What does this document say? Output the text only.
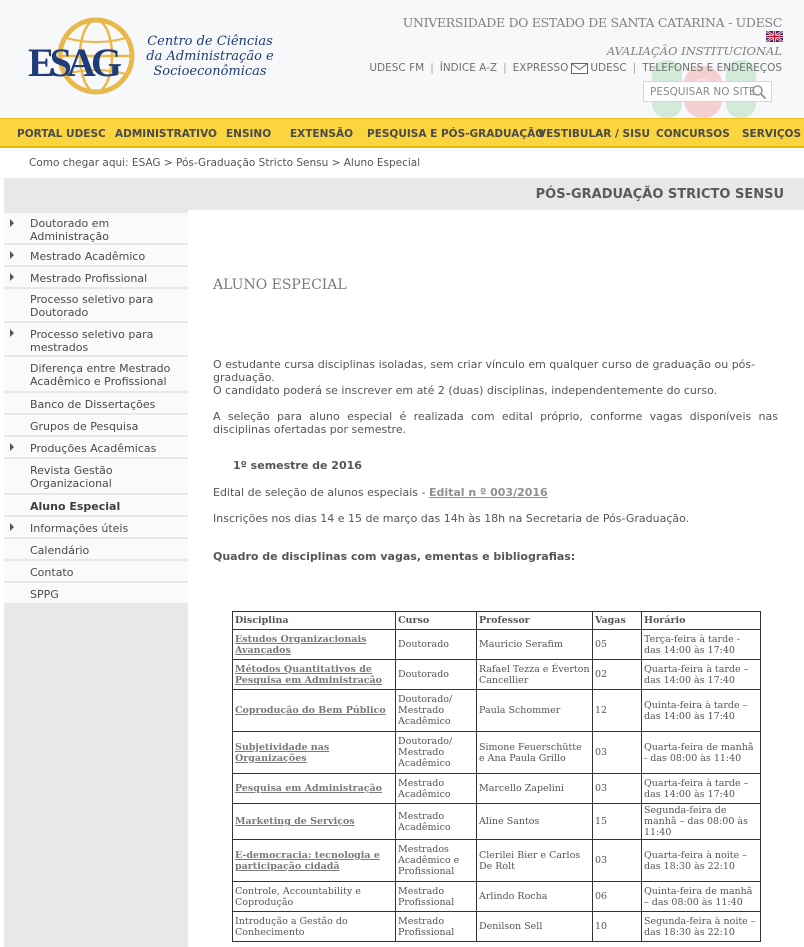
ESAG	Centro de Ciências da Administração e Socioeconômicas
UNIVERSIDADE DO ESTADO DE SANTA CATARINA - UDESC
AVALIAÇÃO INSTITUCIONAL
UDESC FM | ÍNDICE A-Z | EXPRESSO UDESC | TELEFONES E ENDEREÇOS
PESQUISAR NO SITE
PORTAL UDESC ADMINISTRATIVO ENSINO EXTENSÃO PESQUISA E PÓS-GRADUAÇÃO
VESTIBULAR / SISU CONCURSOS SERVIÇOS
Como chegar aqui: ESAG > Pós-Graduação Stricto Sensu > Aluno Especial
PÓS-GRADUAÇÃO STRICTO SENSU
Doutorado em Administração
Mestrado Acadêmico
Mestrado Profissional
Processo seletivo para Doutorado
Processo seletivo para mestrados
Diferença entre Mestrado Acadêmico e Profissional
Banco de Dissertações
Grupos de Pesquisa
Produções Acadêmicas
Revista Gestão Organizacional
Aluno Especial
Informações úteis
Calendário
Contato
SPPG
ALUNO ESPECIAL
O estudante cursa disciplinas isoladas, sem criar vínculo em qualquer curso de graduação ou pós-graduação.
O candidato poderá se inscrever em até 2 (duas) disciplinas, independentemente do curso.
A seleção para aluno especial é realizada com edital próprio, conforme vagas disponíveis nas disciplinas ofertadas por semestre.
1º semestre de 2016
Edital de seleção de alunos especiais - Edital n º 003/2016
Inscrições nos dias 14 e 15 de março das 14h às 18h na Secretaria de Pós-Graduação.
Quadro de disciplinas com vagas, ementas e bibliografias:
Disciplina	Curso	Professor	Vagas	Horário
Estudos Organizacionais Avançados	Doutorado	Mauricio Serafim	05	Terça-feira à tarde - das 14:00 às 17:40
Métodos Quantitativos de Pesquisa em Administração	Doutorado	Rafael Tezza e Éverton Cancellier	02	Quarta-feira à tarde – das 14:00 às 17:40
Coprodução do Bem Público	Doutorado/ Mestrado Acadêmico	Paula Schommer	12	Quinta-feira à tarde – das 14:00 às 17:40
Subjetividade nas Organizações	Doutorado/ Mestrado Acadêmico	Simone Feuerschütte e Ana Paula Grillo	03	Quarta-feira de manhã - das 08:00 às 11:40
Pesquisa em Administração	Mestrado Acadêmico	Marcello Zapelini	03	Quarta-feira à tarde – das 14:00 às 17:40
Marketing de Serviços	Mestrado Acadêmico	Aline Santos	15	Segunda-feira de manhã – das 08:00 às 11:40
E-democracia: tecnologia e participação cidadã	Mestrados Acadêmico e Profissional	Clerilei Bier e Carlos De Rolt	03	Quarta-feira à noite – das 18:30 às 22:10
Controle, Accountability e Coprodução	Mestrado Profissional	Arlindo Rocha	06	Quinta-feira de manhã – das 08:00 às 11:40
Introdução a Gestão do Conhecimento	Mestrado Profissional	Denilson Sell	10	Segunda-feira à noite – das 18:30 às 22:10
